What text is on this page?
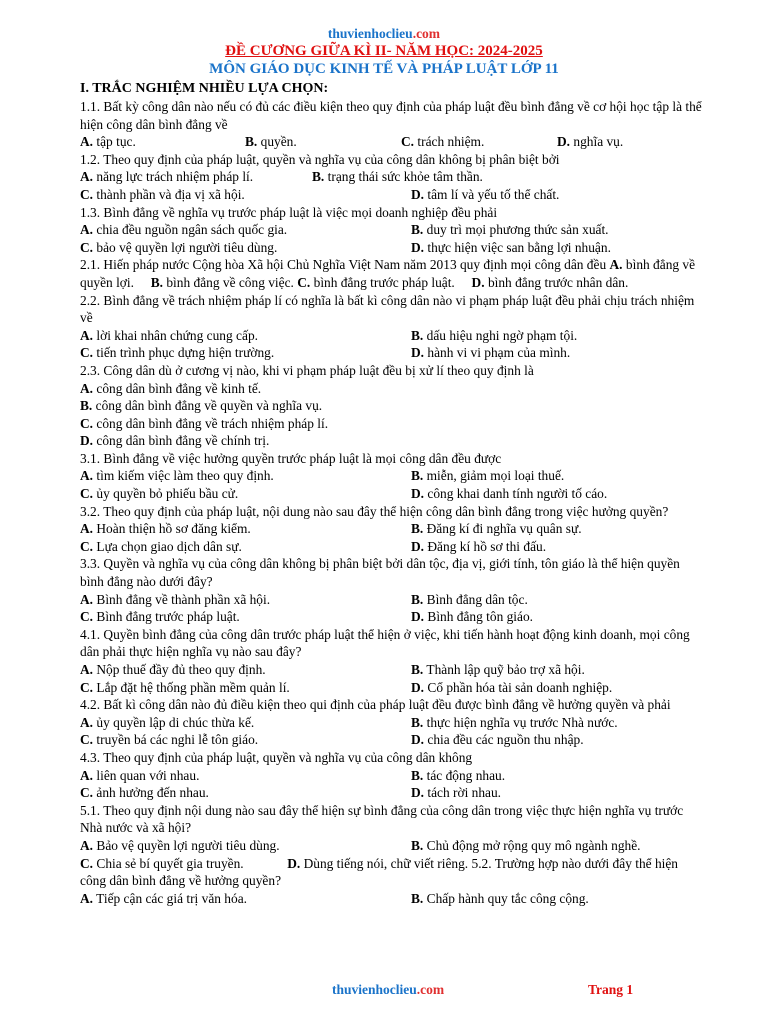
thuvienhoclieu.com
ĐỀ CƯƠNG GIỮA KÌ II- NĂM HỌC: 2024-2025
MÔN GIÁO DỤC KINH TẾ VÀ PHÁP LUẬT LỚP 11
I. TRẮC NGHIỆM NHIỀU LỰA CHỌN:
1.1. Bất kỳ công dân nào nếu có đủ các điều kiện theo quy định của pháp luật đều bình đẳng về cơ hội học tập là thể hiện công dân bình đẳng về
A. tập tục.	B. quyền.	C. trách nhiệm.	D. nghĩa vụ.
1.2. Theo quy định của pháp luật, quyền và nghĩa vụ của công dân không bị phân biệt bởi
A. năng lực trách nhiệm pháp lí.	B. trạng thái sức khỏe tâm thần.
C. thành phần và địa vị xã hội.	D. tâm lí và yếu tố thể chất.
1.3. Bình đẳng về nghĩa vụ trước pháp luật là việc mọi doanh nghiệp đều phải
A. chia đều nguồn ngân sách quốc gia.	B. duy trì mọi phương thức sản xuất.
C. bảo vệ quyền lợi người tiêu dùng.	D. thực hiện việc san bằng lợi nhuận.
2.1. Hiến pháp nước Cộng hòa Xã hội Chủ Nghĩa Việt Nam năm 2013 quy định mọi công dân đều A. bình đẳng về quyền lợi. B. bình đẳng về công việc. C. bình đẳng trước pháp luật. D. bình đẳng trước nhân dân.
2.2. Bình đẳng về trách nhiệm pháp lí có nghĩa là bất kì công dân nào vi phạm pháp luật đều phải chịu trách nhiệm về
A. lời khai nhân chứng cung cấp.	B. dấu hiệu nghi ngờ phạm tội.
C. tiến trình phục dựng hiện trường.	D. hành vi vi phạm của mình.
2.3. Công dân dù ở cương vị nào, khi vi phạm pháp luật đều bị xử lí theo quy định là
A. công dân bình đẳng về kinh tế.
B. công dân bình đẳng về quyền và nghĩa vụ.
C. công dân bình đẳng về trách nhiệm pháp lí.
D. công dân bình đẳng về chính trị.
3.1. Bình đẳng về việc hưởng quyền trước pháp luật là mọi công dân đều được
A. tìm kiếm việc làm theo quy định.	B. miễn, giảm mọi loại thuế.
C. ủy quyền bỏ phiếu bầu cử.	D. công khai danh tính người tố cáo.
3.2. Theo quy định của pháp luật, nội dung nào sau đây thể hiện công dân bình đẳng trong việc hưởng quyền?
A. Hoàn thiện hồ sơ đăng kiểm.	B. Đăng kí đi nghĩa vụ quân sự.
C. Lựa chọn giao dịch dân sự.	D. Đăng kí hồ sơ thi đấu.
3.3. Quyền và nghĩa vụ của công dân không bị phân biệt bởi dân tộc, địa vị, giới tính, tôn giáo là thể hiện quyền bình đẳng nào dưới đây?
A. Bình đẳng về thành phần xã hội.	B. Bình đẳng dân tộc.
C. Bình đẳng trước pháp luật.	D. Bình đẳng tôn giáo.
4.1. Quyền bình đẳng của công dân trước pháp luật thể hiện ở việc, khi tiến hành hoạt động kinh doanh, mọi công dân phải thực hiện nghĩa vụ nào sau đây?
A. Nộp thuế đầy đủ theo quy định.	B. Thành lập quỹ bảo trợ xã hội.
C. Lắp đặt hệ thống phần mềm quản lí.	D. Cổ phần hóa tài sản doanh nghiệp.
4.2. Bất kì công dân nào đủ điều kiện theo qui định của pháp luật đều được bình đẳng về hưởng quyền và phải
A. ủy quyền lập di chúc thừa kế.	B. thực hiện nghĩa vụ trước Nhà nước.
C. truyền bá các nghi lễ tôn giáo.	D. chia đều các nguồn thu nhập.
4.3. Theo quy định của pháp luật, quyền và nghĩa vụ của công dân không
A. liên quan với nhau.	B. tác động nhau.
C. ảnh hưởng đến nhau.	D. tách rời nhau.
5.1. Theo quy định nội dung nào sau đây thể hiện sự bình đẳng của công dân trong việc thực hiện nghĩa vụ trước Nhà nước và xã hội?
A. Bảo vệ quyền lợi người tiêu dùng.	B. Chủ động mở rộng quy mô ngành nghề.
C. Chia sẻ bí quyết gia truyền.	D. Dùng tiếng nói, chữ viết riêng. 5.2. Trường hợp nào dưới đây thể hiện công dân bình đẳng về hưởng quyền?
A. Tiếp cận các giá trị văn hóa.	B. Chấp hành quy tắc công cộng.
thuvienhoclieu.com	Trang 1
